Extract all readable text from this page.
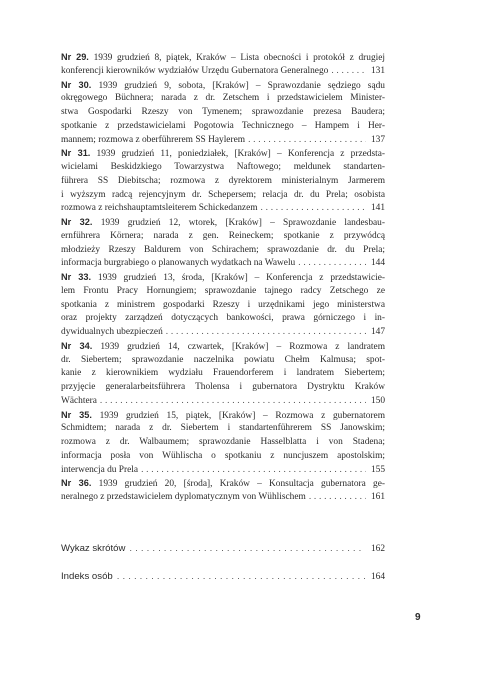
Nr 29. 1939 grudzień 8, piątek, Kraków – Lista obecności i protokół z drugiej
konferencji kierowników wydziałów Urzędu Gubernatora Generalnego . . .	131
Nr 30. 1939 grudzień 9, sobota, [Kraków] – Sprawozdanie sędziego sądu
okręgowego Büchnera; narada z dr. Zetschem i przedstawicielem Minister-
stwa Gospodarki Rzeszy von Tymenem; sprawozdanie prezesa Baudera;
spotkanie z przedstawicielami Pogotowia Technicznego – Hampem i Her-
mannem; rozmowa z oberführerem SS Haylerem . . .	137
Nr 31. 1939 grudzień 11, poniedziałek, [Kraków] – Konferencja z przedsta-
wicielami Beskidzkiego Towarzystwa Naftowego; meldunek standarten-
führera SS Diebitscha; rozmowa z dyrektorem ministerialnym Jarmerem
i wyższym radcą rejencyjnym dr. Schepersem; relacja dr. du Prela; osobista
rozmowa z reichshauptamtsleiterem Schickedanzem . . .	141
Nr 32. 1939 grudzień 12, wtorek, [Kraków] – Sprawozdanie landesbau-
ernführera Körnera; narada z gen. Reineckem; spotkanie z przywódcą
młodzieży Rzeszy Baldurem von Schirachem; sprawozdanie dr. du Prela;
informacja burgrabiego o planowanych wydatkach na Wawelu . . .	144
Nr 33. 1939 grudzień 13, środa, [Kraków] – Konferencja z przedstawicie-
lem Frontu Pracy Hornungiem; sprawozdanie tajnego radcy Zetschego ze
spotkania z ministrem gospodarki Rzeszy i urzędnikami jego ministerstwa
oraz projekty zarządzeń dotyczących bankowości, prawa górniczego i in-
dywidualnych ubezpieczeń . . .	147
Nr 34. 1939 grudzień 14, czwartek, [Kraków] – Rozmowa z landratem
dr. Siebertem; sprawozdanie naczelnika powiatu Chełm Kalmusa; spot-
kanie z kierownikiem wydziału Frauendorferem i landratem Siebertem;
przyjęcie generalarbeitsführera Tholensa i gubernatora Dystryktu Kraków
Wächtera . . .	150
Nr 35. 1939 grudzień 15, piątek, [Kraków] – Rozmowa z gubernatorem
Schmidtem; narada z dr. Siebertem i standartenführerem SS Janowskim;
rozmowa z dr. Walbaumem; sprawozdanie Hasselblatta i von Stadena;
informacja posła von Wühlischa o spotkaniu z nuncjuszem apostolskim;
interwencja du Prela . . .	155
Nr 36. 1939 grudzień 20, [środa], Kraków – Konsultacja gubernatora ge-
neralnego z przedstawicielem dyplomatycznym von Wühlischem . . .	161
Wykaz skrótów . . .	162
Indeks osób . . .	164
9
